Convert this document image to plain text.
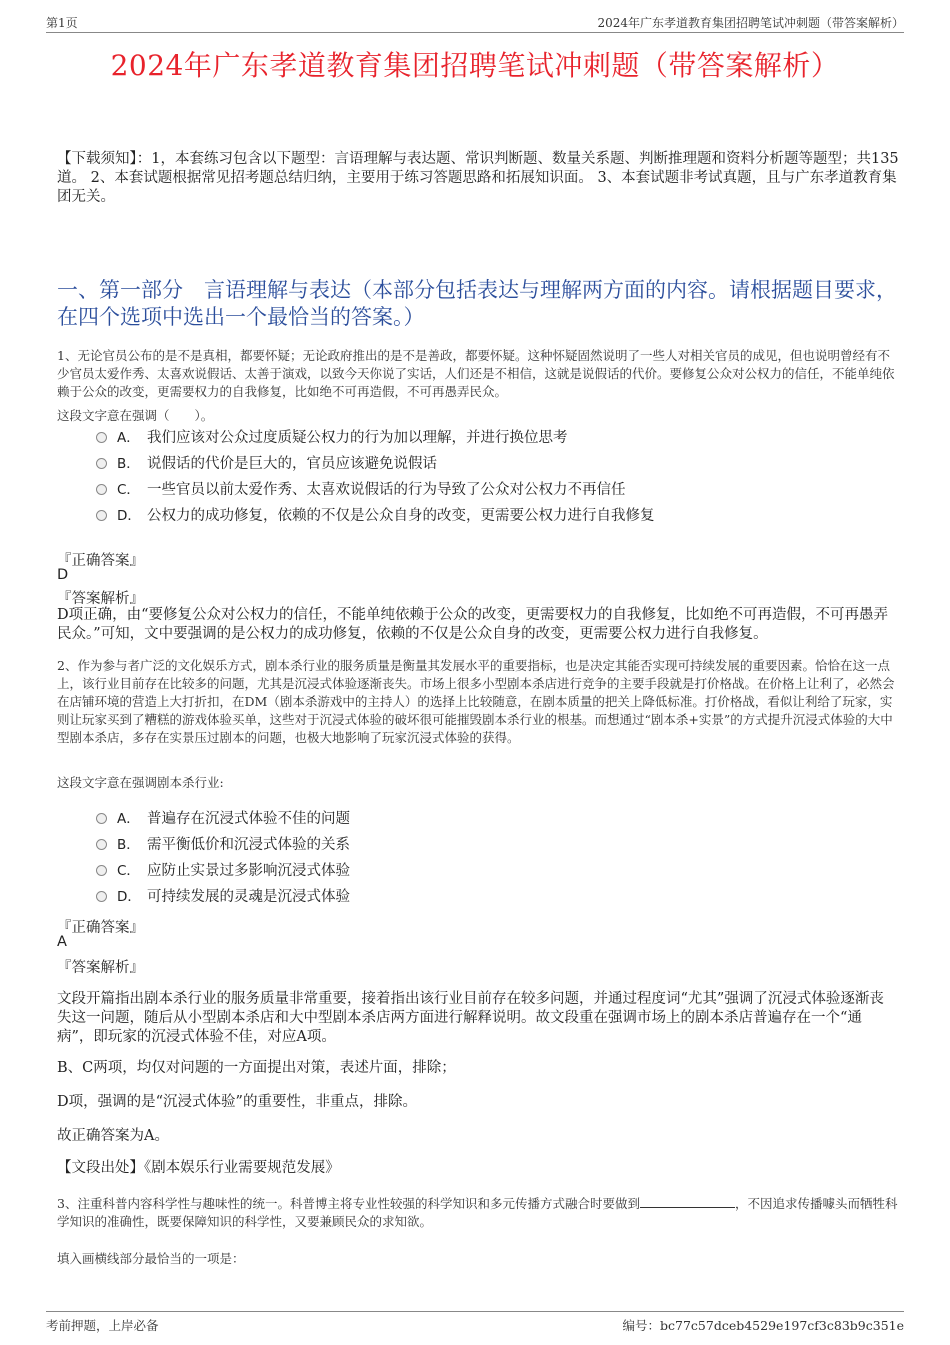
第1页	2024年广东孝道教育集团招聘笔试冲刺题（带答案解析）
2024年广东孝道教育集团招聘笔试冲刺题（带答案解析）
【下载须知】：1，本套练习包含以下题型：言语理解与表达题、常识判断题、数量关系题、判断推理题和资料分析题等题型；共135道。 2、本套试题根据常见招考题总结归纳，主要用于练习答题思路和拓展知识面。 3、本套试题非考试真题，且与广东孝道教育集团无关。
一、第一部分　言语理解与表达（本部分包括表达与理解两方面的内容。请根据题目要求，在四个选项中选出一个最恰当的答案。）
1、无论官员公布的是不是真相，都要怀疑；无论政府推出的是不是善政，都要怀疑。这种怀疑固然说明了一些人对相关官员的成见，但也说明曾经有不少官员太爱作秀、太喜欢说假话、太善于演戏，以致今天你说了实话，人们还是不相信，这就是说假话的代价。要修复公众对公权力的信任，不能单纯依赖于公众的改变，更需要权力的自我修复，比如绝不可再造假，不可再愚弄民众。
这段文字意在强调（　　）。
A． 我们应该对公众过度质疑公权力的行为加以理解，并进行换位思考
B． 说假话的代价是巨大的，官员应该避免说假话
C． 一些官员以前太爱作秀、太喜欢说假话的行为导致了公众对公权力不再信任
D． 公权力的成功修复，依赖的不仅是公众自身的改变，更需要公权力进行自我修复
『正确答案』
D
『答案解析』
D项正确，由“要修复公众对公权力的信任，不能单纯依赖于公众的改变，更需要权力的自我修复，比如绝不可再造假，不可再愚弄民众。”可知，文中要强调的是公权力的成功修复，依赖的不仅是公众自身的改变，更需要公权力进行自我修复。
2、作为参与者广泛的文化娱乐方式，剧本杀行业的服务质量是衡量其发展水平的重要指标，也是决定其能否实现可持续发展的重要因素。恰恰在这一点上，该行业目前存在比较多的问题，尤其是沉浸式体验逐渐丧失。市场上很多小型剧本杀店进行竞争的主要手段就是打价格战。在价格上让利了，必然会在店铺环境的营造上大打折扣，在DM（剧本杀游戏中的主持人）的选择上比较随意，在剧本质量的把关上降低标准。打价格战，看似让利给了玩家，实则让玩家买到了糟糕的游戏体验买单，这些对于沉浸式体验的破坏很可能摧毁剧本杀行业的根基。而想通过“剧本杀+实景”的方式提升沉浸式体验的大中型剧本杀店，多存在实景压过剧本的问题，也极大地影响了玩家沉浸式体验的获得。
这段文字意在强调剧本杀行业:
A． 普遍存在沉浸式体验不佳的问题
B． 需平衡低价和沉浸式体验的关系
C． 应防止实景过多影响沉浸式体验
D． 可持续发展的灵魂是沉浸式体验
『正确答案』
A
『答案解析』
文段开篇指出剧本杀行业的服务质量非常重要，接着指出该行业目前存在较多问题，并通过程度词“尤其”强调了沉浸式体验逐渐丧失这一问题，随后从小型剧本杀店和大中型剧本杀店两方面进行解释说明。故文段重在强调市场上的剧本杀店普遍存在一个“通病”，即玩家的沉浸式体验不佳，对应A项。
B、C两项，均仅对问题的一方面提出对策，表述片面，排除；
D项，强调的是“沉浸式体验”的重要性，非重点，排除。
故正确答案为A。
【文段出处】《剧本娱乐行业需要规范发展》
3、注重科普内容科学性与趣味性的统一。科普博主将专业性较强的科学知识和多元传播方式融合时要做到	，不因追求传播噱头而牺牲科学知识的准确性，既要保障知识的科学性，又要兼顾民众的求知欲。
填入画横线部分最恰当的一项是：
考前押题，上岸必备	编号：bc77c57dceb4529e197cf3c83b9c351e
